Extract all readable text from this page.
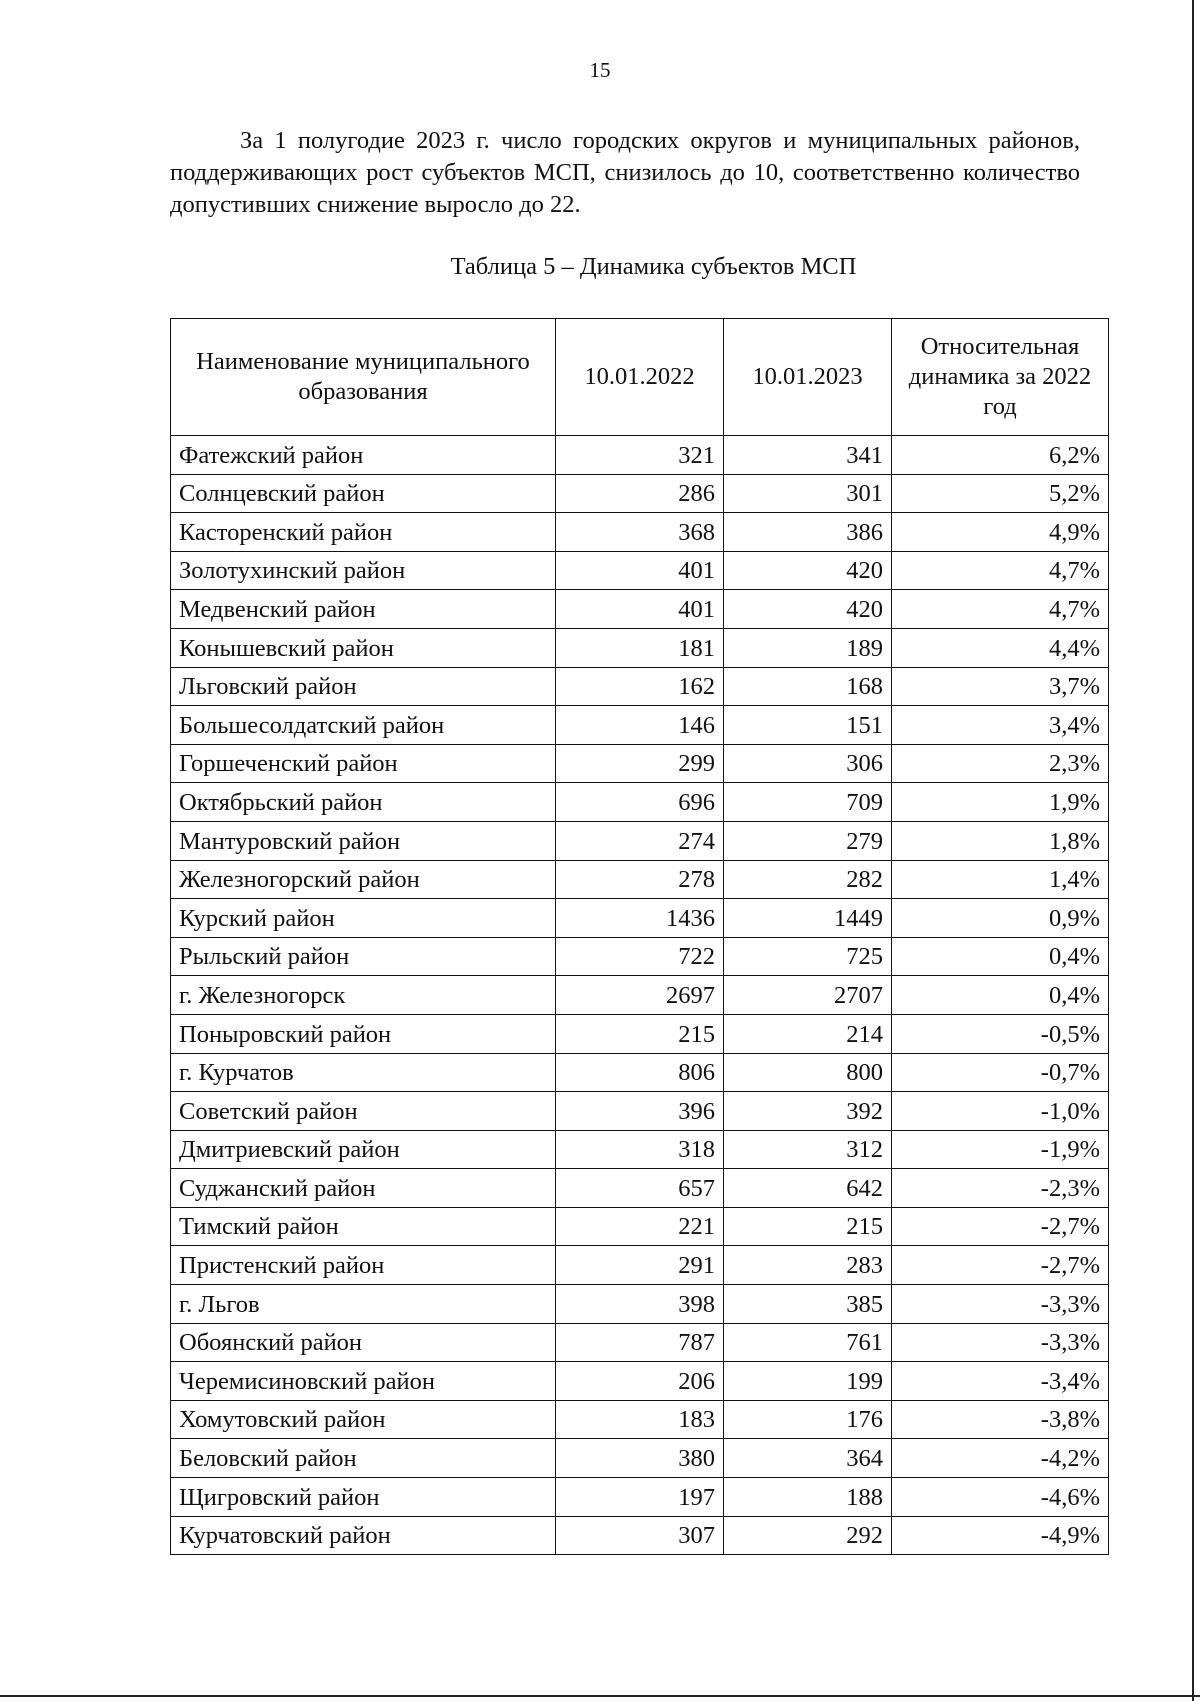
15

За 1 полугодие 2023 г. число городских округов и муниципальных районов, поддерживающих рост субъектов МСП, снизилось до 10, соответственно количество допустивших снижение выросло до 22.

Таблица 5 – Динамика субъектов МСП
Наименование муниципального образования	10.01.2022	10.01.2023	Относительная динамика за 2022 год
Фатежский район	321	341	6,2%
Солнцевский район	286	301	5,2%
Касторенский район	368	386	4,9%
Золотухинский район	401	420	4,7%
Медвенский район	401	420	4,7%
Конышевский район	181	189	4,4%
Льговский район	162	168	3,7%
Большесолдатский район	146	151	3,4%
Горшеченский район	299	306	2,3%
Октябрьский район	696	709	1,9%
Мантуровский район	274	279	1,8%
Железногорский район	278	282	1,4%
Курский район	1436	1449	0,9%
Рыльский район	722	725	0,4%
г. Железногорск	2697	2707	0,4%
Поныровский район	215	214	-0,5%
г. Курчатов	806	800	-0,7%
Советский район	396	392	-1,0%
Дмитриевский район	318	312	-1,9%
Суджанский район	657	642	-2,3%
Тимский район	221	215	-2,7%
Пристенский район	291	283	-2,7%
г. Льгов	398	385	-3,3%
Обоянский район	787	761	-3,3%
Черемисиновский район	206	199	-3,4%
Хомутовский район	183	176	-3,8%
Беловский район	380	364	-4,2%
Щигровский район	197	188	-4,6%
Курчатовский район	307	292	-4,9%
